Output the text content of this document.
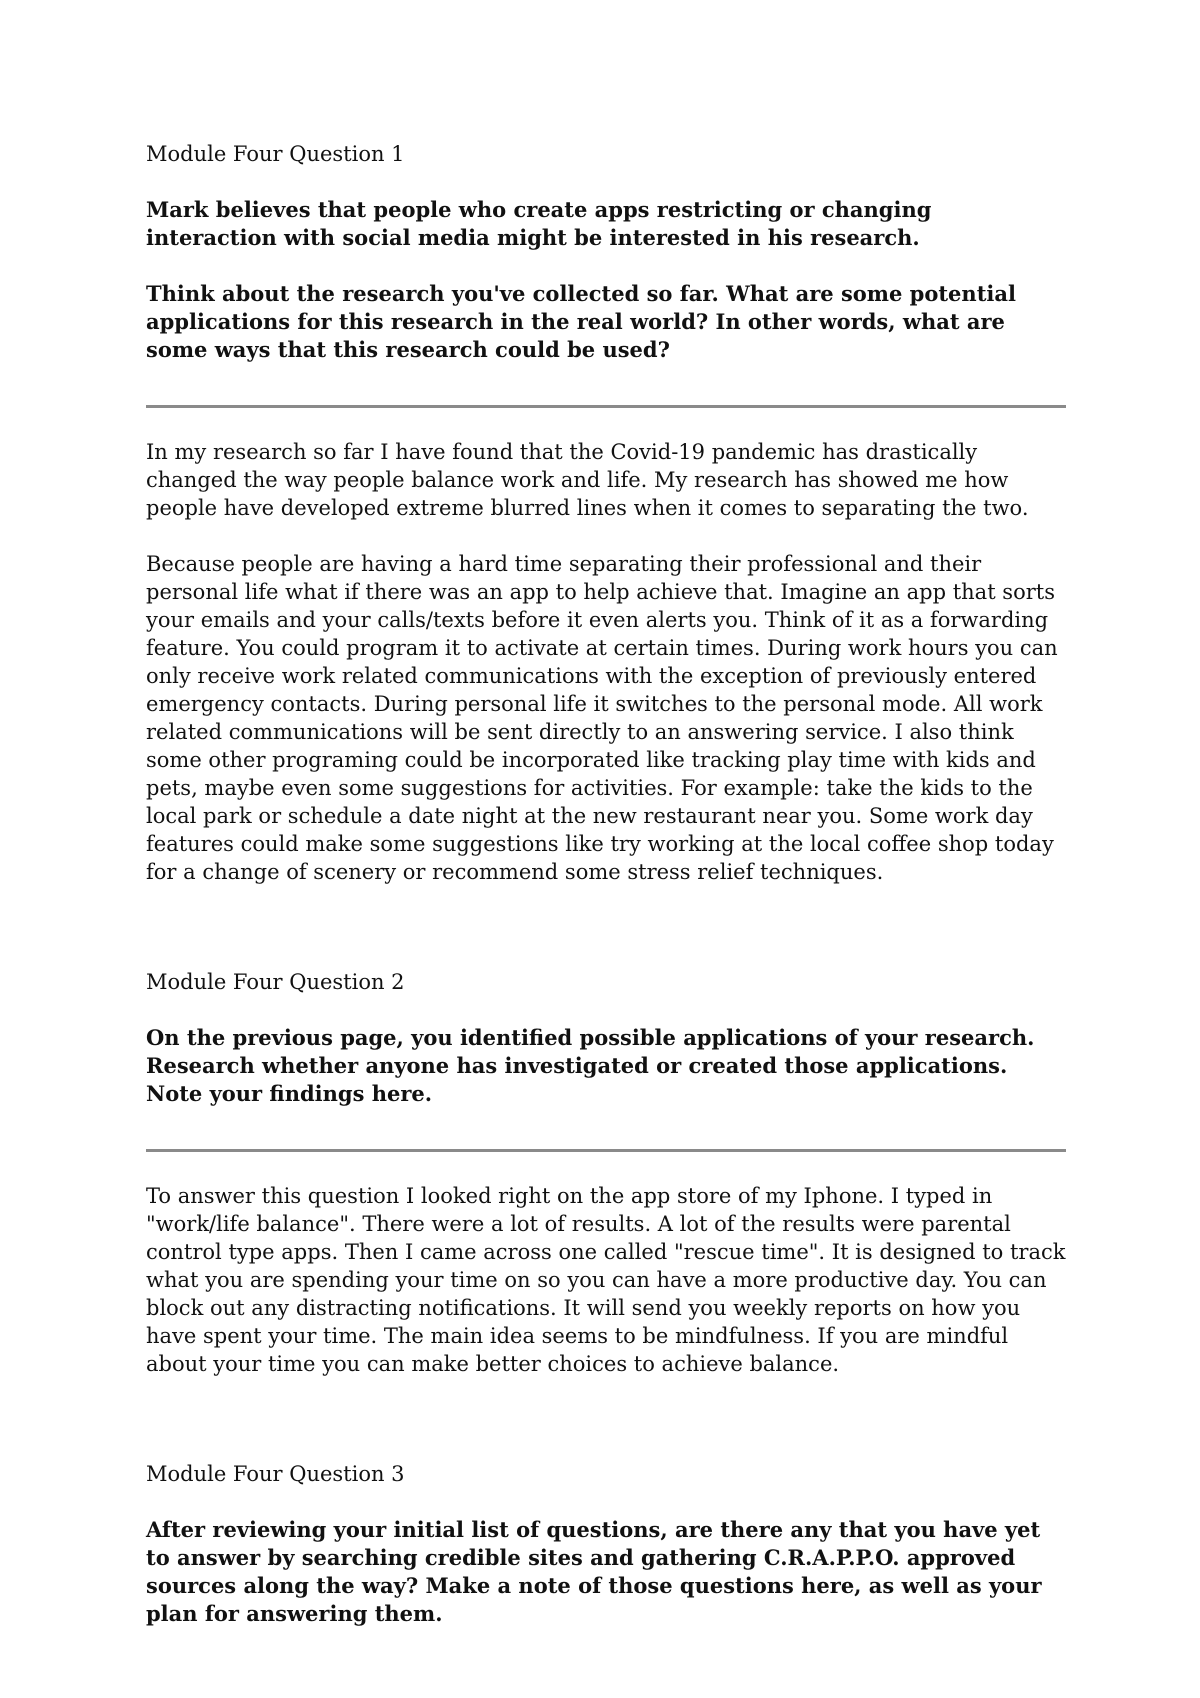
Module Four Question 1

Mark believes that people who create apps restricting or changing interaction with social media might be interested in his research.

Think about the research you've collected so far. What are some potential applications for this research in the real world? In other words, what are some ways that this research could be used?

In my research so far I have found that the Covid-19 pandemic has drastically changed the way people balance work and life. My research has showed me how people have developed extreme blurred lines when it comes to separating the two.

Because people are having a hard time separating their professional and their personal life what if there was an app to help achieve that. Imagine an app that sorts your emails and your calls/texts before it even alerts you. Think of it as a forwarding feature. You could program it to activate at certain times. During work hours you can only receive work related communications with the exception of previously entered emergency contacts. During personal life it switches to the personal mode. All work related communications will be sent directly to an answering service. I also think some other programing could be incorporated like tracking play time with kids and pets, maybe even some suggestions for activities. For example: take the kids to the local park or schedule a date night at the new restaurant near you. Some work day features could make some suggestions like try working at the local coffee shop today for a change of scenery or recommend some stress relief techniques.

Module Four Question 2

On the previous page, you identified possible applications of your research. Research whether anyone has investigated or created those applications. Note your findings here.

To answer this question I looked right on the app store of my Iphone. I typed in "work/life balance". There were a lot of results. A lot of the results were parental control type apps. Then I came across one called "rescue time". It is designed to track what you are spending your time on so you can have a more productive day. You can block out any distracting notifications. It will send you weekly reports on how you have spent your time. The main idea seems to be mindfulness. If you are mindful about your time you can make better choices to achieve balance.

Module Four Question 3

After reviewing your initial list of questions, are there any that you have yet to answer by searching credible sites and gathering C.R.A.P.P.O. approved sources along the way? Make a note of those questions here, as well as your plan for answering them.
